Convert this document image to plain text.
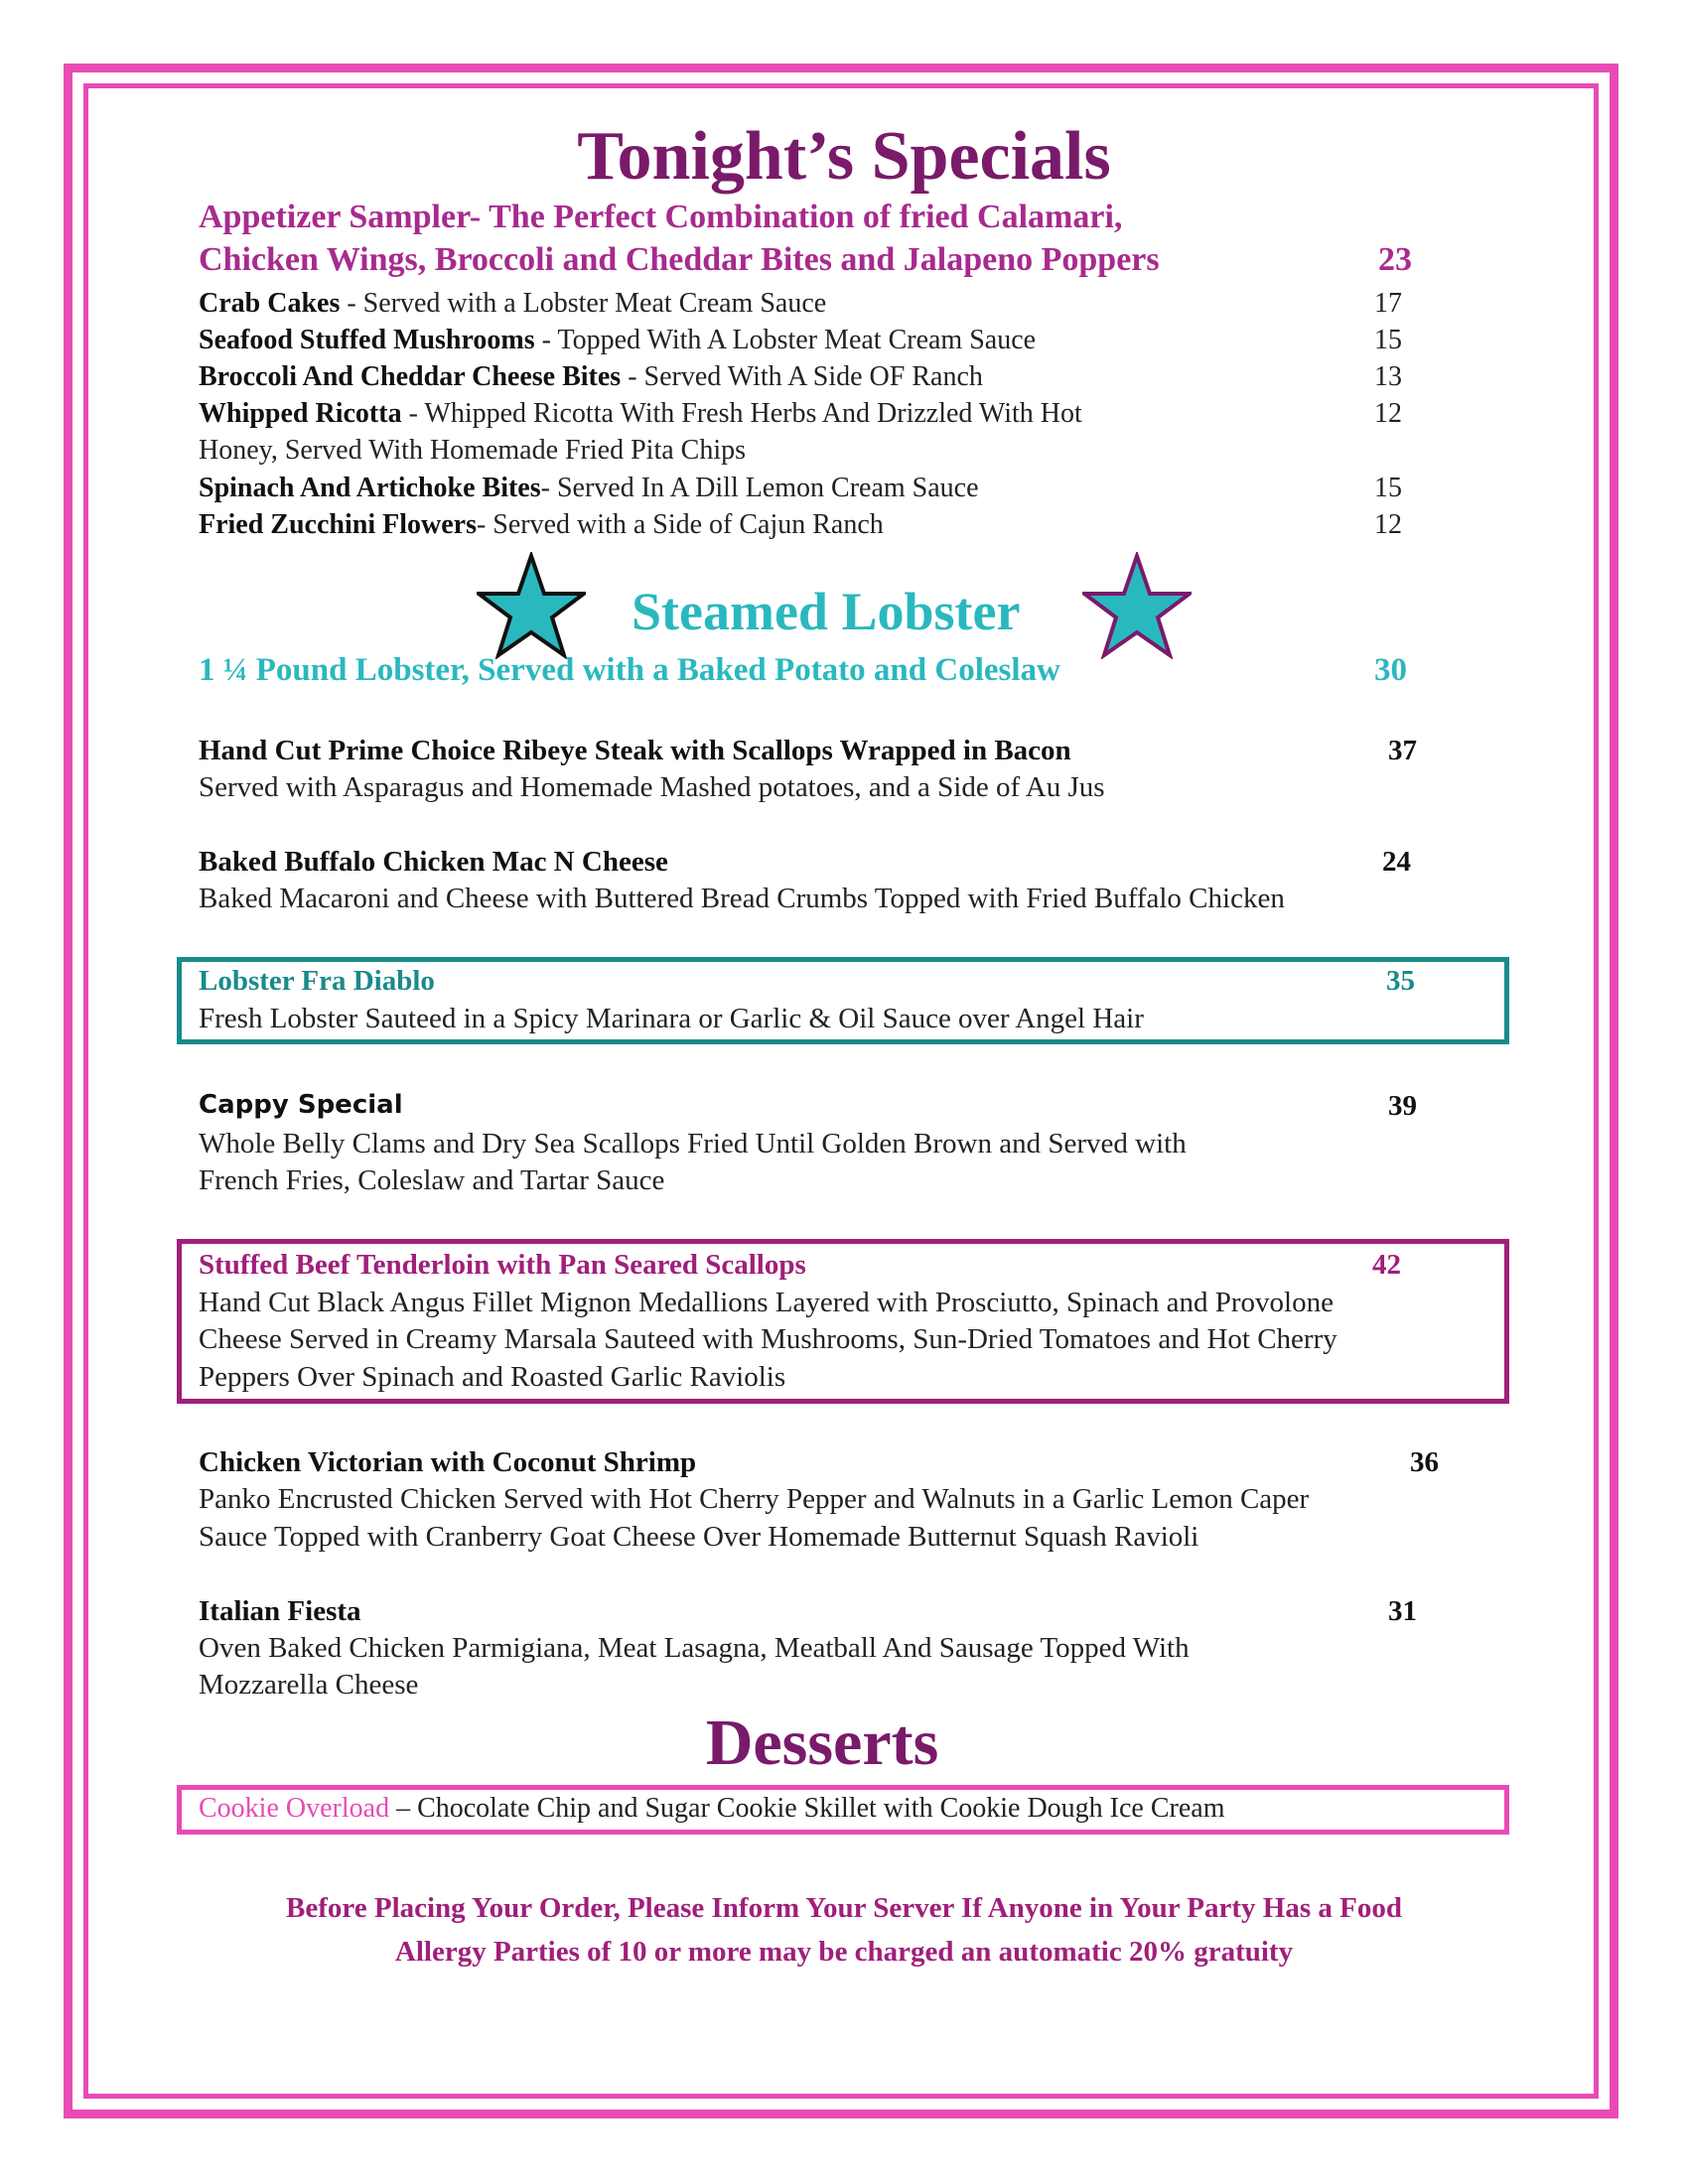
Tonight’s Specials
Appetizer Sampler- The Perfect Combination of fried Calamari,
Chicken Wings, Broccoli and Cheddar Bites and Jalapeno Poppers	23
Crab Cakes - Served with a Lobster Meat Cream Sauce	17
Seafood Stuffed Mushrooms - Topped With A Lobster Meat Cream Sauce	15
Broccoli And Cheddar Cheese Bites - Served With A Side OF Ranch	13
Whipped Ricotta - Whipped Ricotta With Fresh Herbs And Drizzled With Hot	12
Honey, Served With Homemade Fried Pita Chips
Spinach And Artichoke Bites- Served In A Dill Lemon Cream Sauce	15
Fried Zucchini Flowers- Served with a Side of Cajun Ranch	12
Steamed Lobster
1 ¼ Pound Lobster, Served with a Baked Potato and Coleslaw	30
Hand Cut Prime Choice Ribeye Steak with Scallops Wrapped in Bacon	37
Served with Asparagus and Homemade Mashed potatoes, and a Side of Au Jus
Baked Buffalo Chicken Mac N Cheese	24
Baked Macaroni and Cheese with Buttered Bread Crumbs Topped with Fried Buffalo Chicken
Lobster Fra Diablo	35
Fresh Lobster Sauteed in a Spicy Marinara or Garlic & Oil Sauce over Angel Hair
Cappy Special	39
Whole Belly Clams and Dry Sea Scallops Fried Until Golden Brown and Served with
French Fries, Coleslaw and Tartar Sauce
Stuffed Beef Tenderloin with Pan Seared Scallops	42
Hand Cut Black Angus Fillet Mignon Medallions Layered with Prosciutto, Spinach and Provolone
Cheese Served in Creamy Marsala Sauteed with Mushrooms, Sun-Dried Tomatoes and Hot Cherry
Peppers Over Spinach and Roasted Garlic Raviolis
Chicken Victorian with Coconut Shrimp	36
Panko Encrusted Chicken Served with Hot Cherry Pepper and Walnuts in a Garlic Lemon Caper
Sauce Topped with Cranberry Goat Cheese Over Homemade Butternut Squash Ravioli
Italian Fiesta	31
Oven Baked Chicken Parmigiana, Meat Lasagna, Meatball And Sausage Topped With
Mozzarella Cheese
Desserts
Cookie Overload – Chocolate Chip and Sugar Cookie Skillet with Cookie Dough Ice Cream
Before Placing Your Order, Please Inform Your Server If Anyone in Your Party Has a Food
Allergy Parties of 10 or more may be charged an automatic 20% gratuity
